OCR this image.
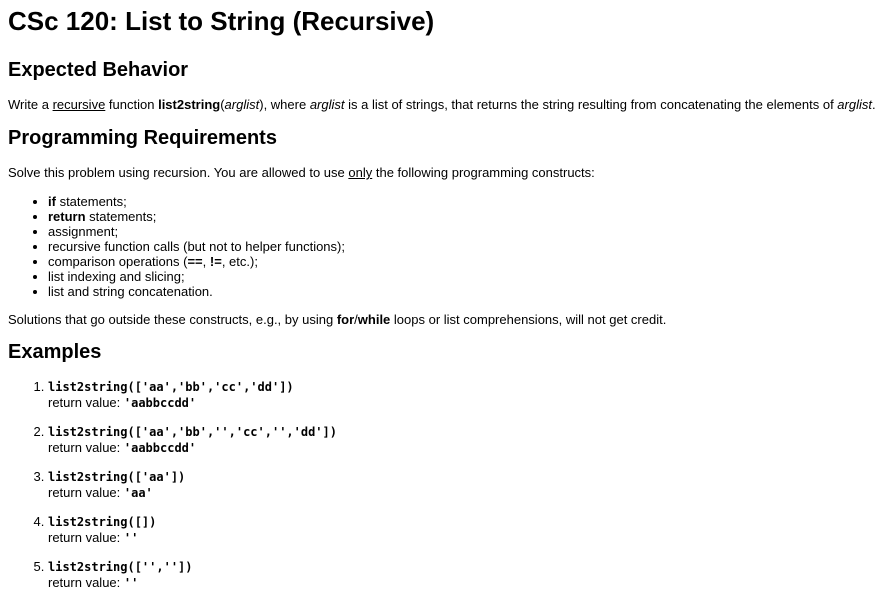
CSc 120: List to String (Recursive)
Expected Behavior

Write a recursive function list2string(arglist), where arglist is a list of strings, that returns the string resulting from concatenating the elements of arglist.

Programming Requirements

Solve this problem using recursion. You are allowed to use only the following programming constructs:

• if statements;
• return statements;
• assignment;
• recursive function calls (but not to helper functions);
• comparison operations (==, !=, etc.);
• list indexing and slicing;
• list and string concatenation.

Solutions that go outside these constructs, e.g., by using for/while loops or list comprehensions, will not get credit.

Examples
1. list2string(['aa','bb','cc','dd'])
return value: 'aabbccdd'
2. list2string(['aa','bb','','cc','','dd'])
return value: 'aabbccdd'
3. list2string(['aa'])
return value: 'aa'
4. list2string([])
return value: ''
5. list2string(['',''])
return value: ''
